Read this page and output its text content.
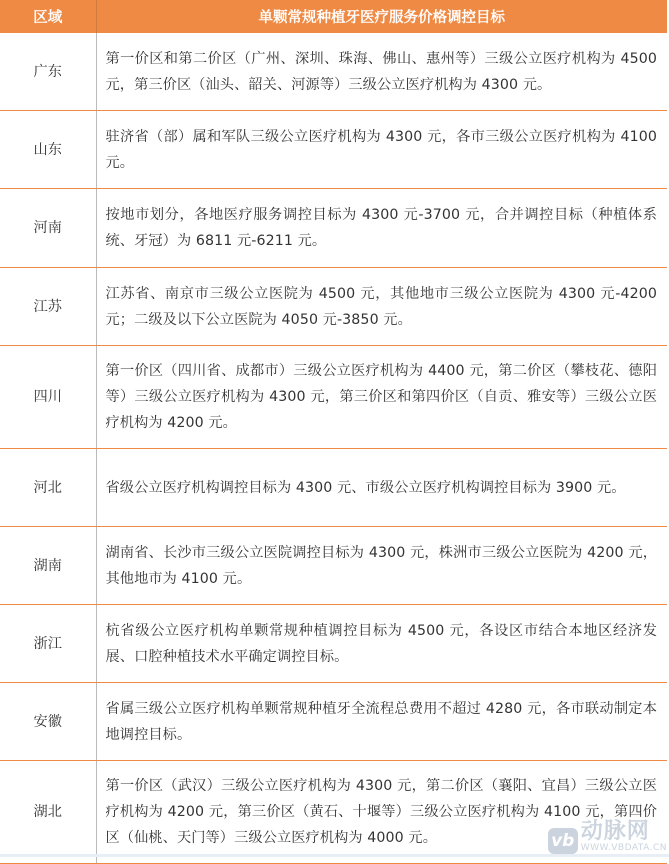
区域	单颗常规种植牙医疗服务价格调控目标
广东	第一价区和第二价区（广州、深圳、珠海、佛山、惠州等）三级公立医疗机构为 4500 元，第三价区（汕头、韶关、河源等）三级公立医疗机构为 4300 元。
山东	驻济省（部）属和军队三级公立医疗机构为 4300 元，各市三级公立医疗机构为 4100 元。
河南	按地市划分，各地医疗服务调控目标为 4300 元-3700 元，合并调控目标（种植体系统、牙冠）为 6811 元-6211 元。
江苏	江苏省、南京市三级公立医院为 4500 元，其他地市三级公立医院为 4300 元-4200 元；二级及以下公立医院为 4050 元-3850 元。
四川	第一价区（四川省、成都市）三级公立医疗机构为 4400 元，第二价区（攀枝花、德阳等）三级公立医疗机构为 4300 元，第三价区和第四价区（自贡、雅安等）三级公立医疗机构为 4200 元。
河北	省级公立医疗机构调控目标为 4300 元、市级公立医疗机构调控目标为 3900 元。
湖南	湖南省、长沙市三级公立医院调控目标为 4300 元，株洲市三级公立医院为 4200 元，其他地市为 4100 元。
浙江	杭省级公立医疗机构单颗常规种植调控目标为 4500 元，各设区市结合本地区经济发展、口腔种植技术水平确定调控目标。
安徽	省属三级公立医疗机构单颗常规种植牙全流程总费用不超过 4280 元，各市联动制定本地调控目标。
湖北	第一价区（武汉）三级公立医疗机构为 4300 元，第二价区（襄阳、宜昌）三级公立医疗机构为 4200 元，第三价区（黄石、十堰等）三级公立医疗机构为 4100 元，第四价区（仙桃、天门等）三级公立医疗机构为 4000 元。	vb 动脉网
WWW.VBDATA.CN
